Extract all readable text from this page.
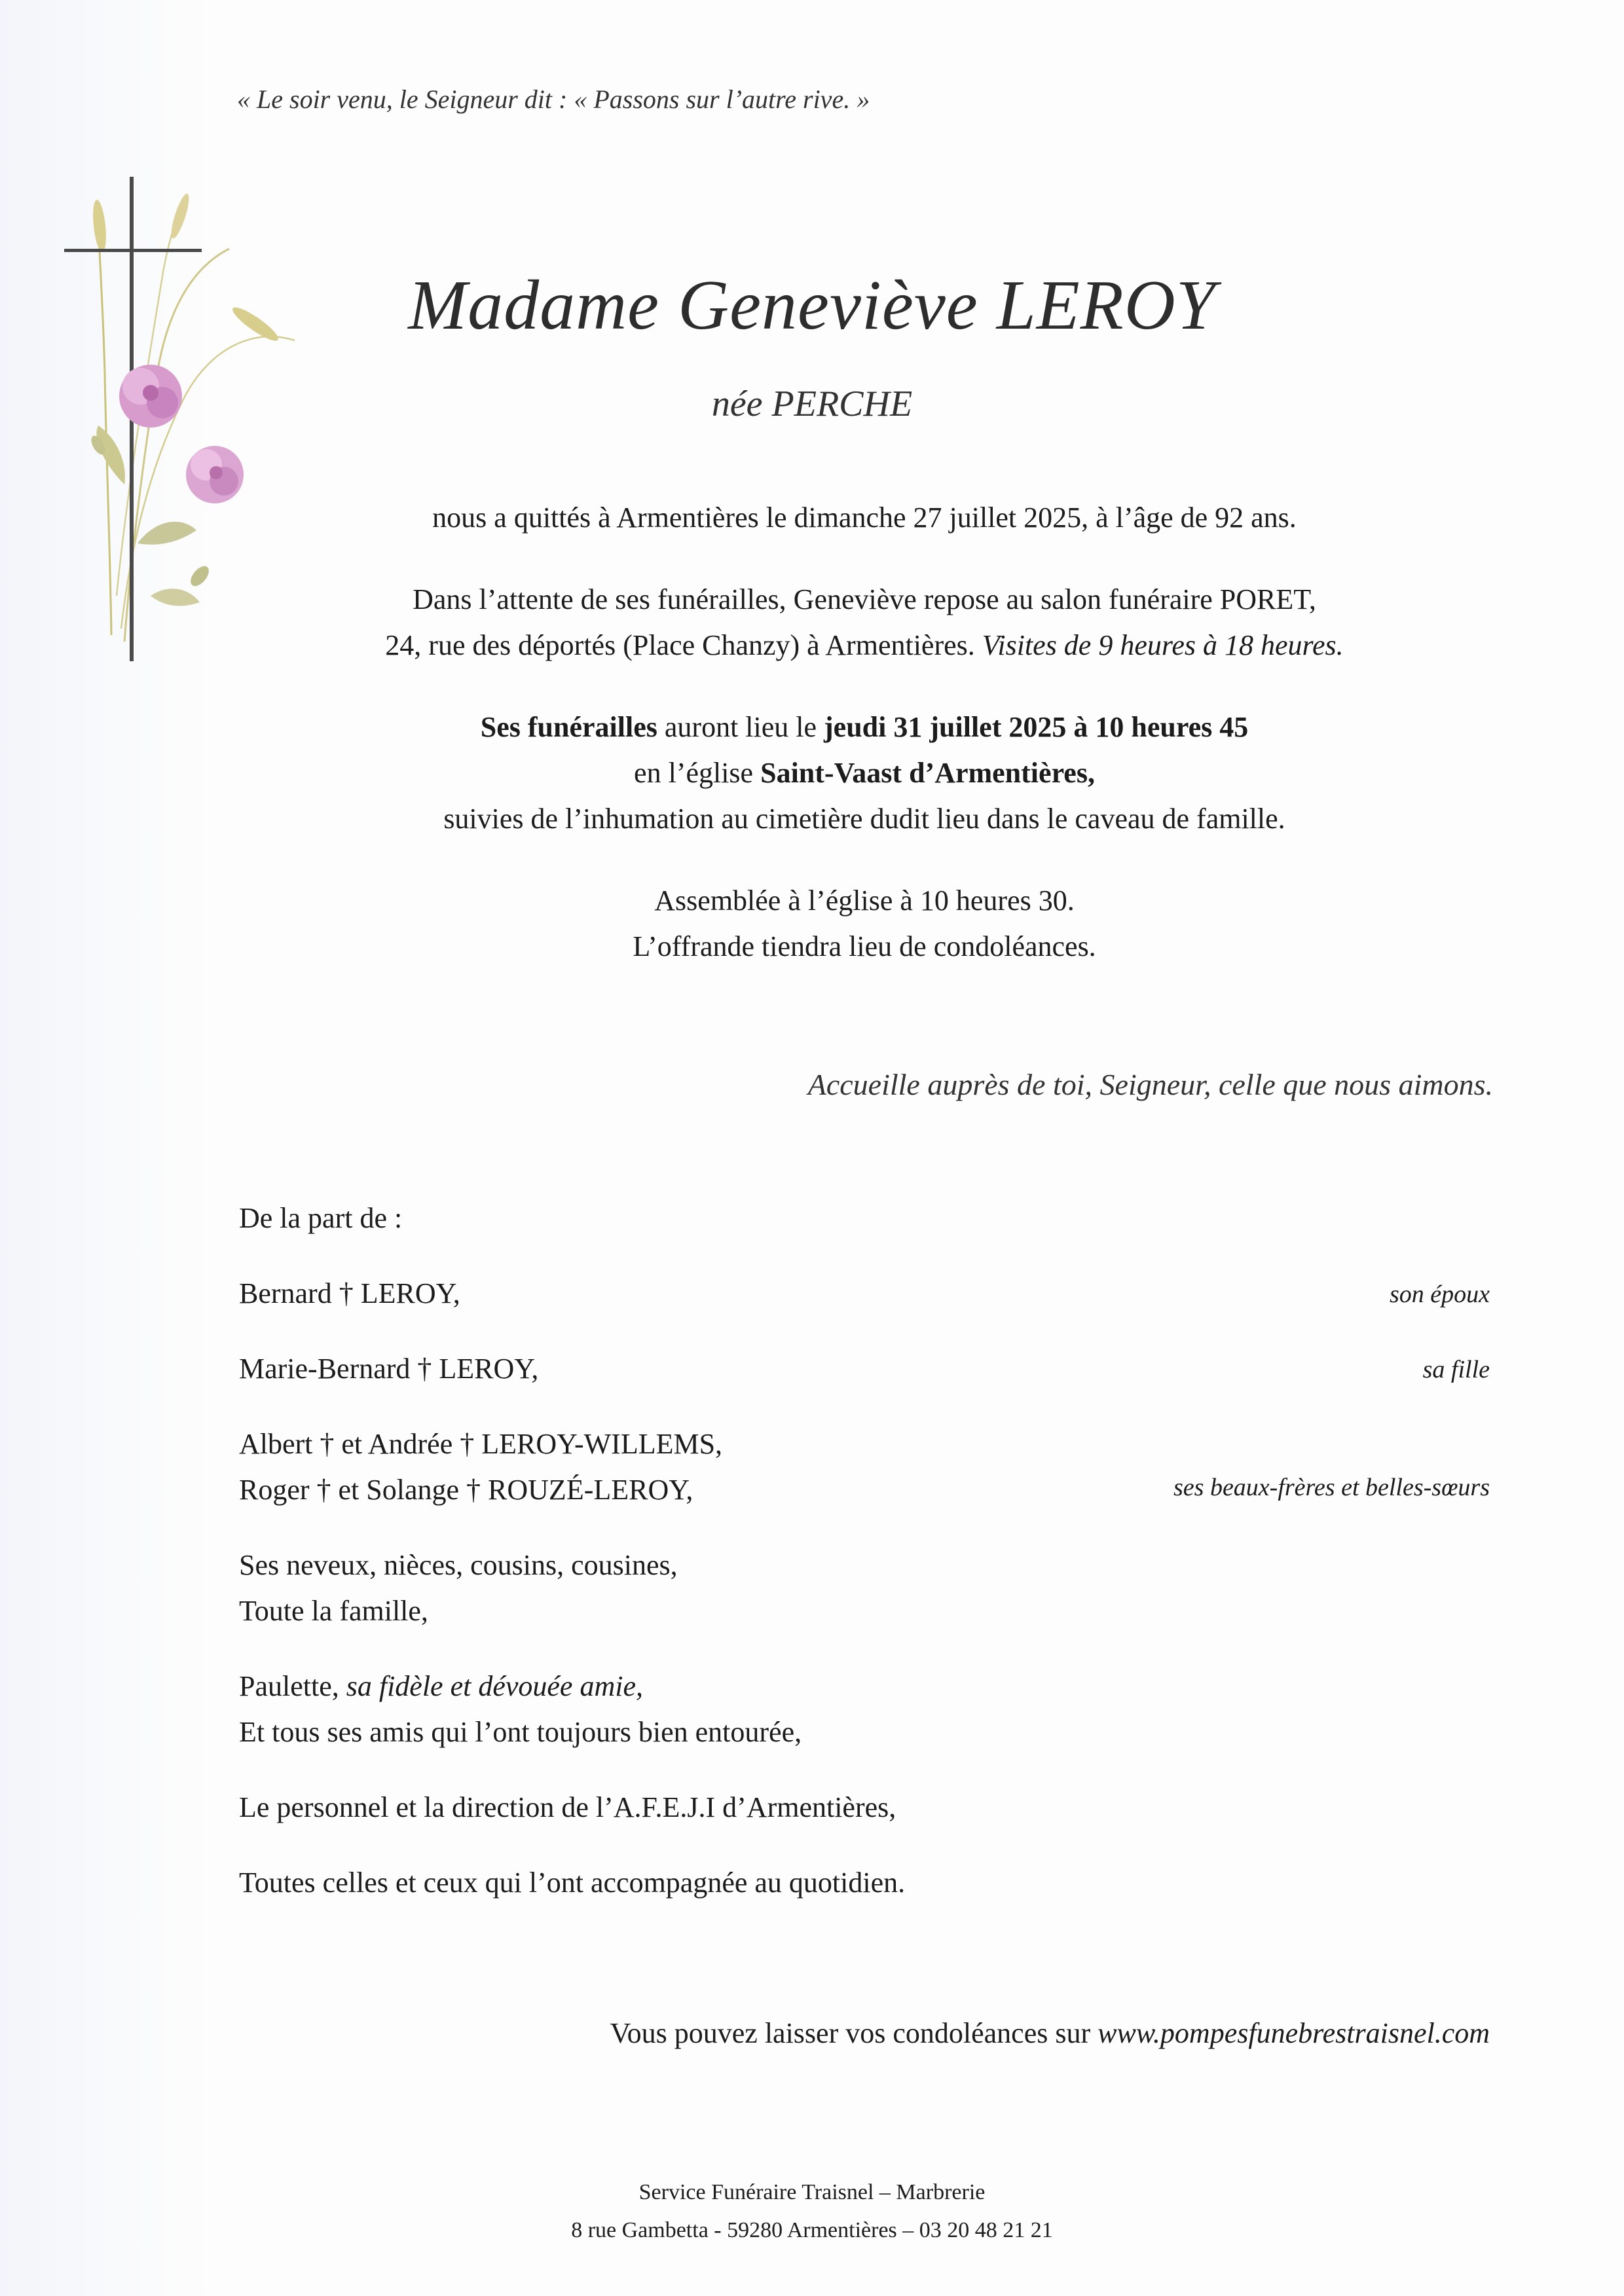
« Le soir venu, le Seigneur dit : « Passons sur l’autre rive. »

Madame Geneviève LEROY

née PERCHE

nous a quittés à Armentières le dimanche 27 juillet 2025, à l’âge de 92 ans.

Dans l’attente de ses funérailles, Geneviève repose au salon funéraire PORET,

24, rue des déportés (Place Chanzy) à Armentières. Visites de 9 heures à 18 heures.

Ses funérailles auront lieu le jeudi 31 juillet 2025 à 10 heures 45

en l’église Saint-Vaast d’Armentières,

suivies de l’inhumation au cimetière dudit lieu dans le caveau de famille.

Assemblée à l’église à 10 heures 30.

L’offrande tiendra lieu de condoléances.

Accueille auprès de toi, Seigneur, celle que nous aimons.

De la part de :

Bernard † LEROY,	son époux

Marie-Bernard † LEROY,	sa fille

Albert † et Andrée † LEROY-WILLEMS,

Roger † et Solange † ROUZÉ-LEROY,	ses beaux-frères et belles-sœurs

Ses neveux, nièces, cousins, cousines,

Toute la famille,

Paulette, sa fidèle et dévouée amie,

Et tous ses amis qui l’ont toujours bien entourée,

Le personnel et la direction de l’A.F.E.J.I d’Armentières,

Toutes celles et ceux qui l’ont accompagnée au quotidien.

Vous pouvez laisser vos condoléances sur www.pompesfunebrestraisnel.com

Service Funéraire Traisnel – Marbrerie

8 rue Gambetta - 59280 Armentières – 03 20 48 21 21
